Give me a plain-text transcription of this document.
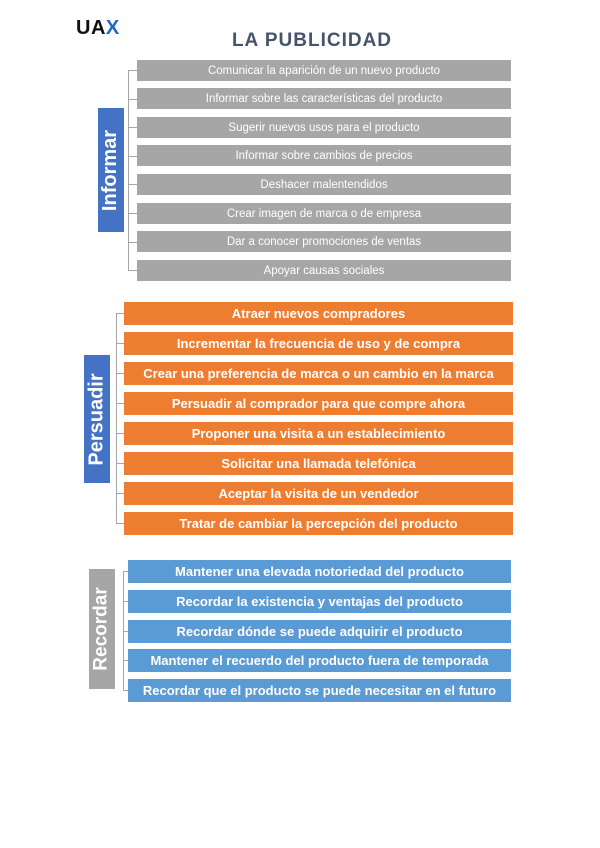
UAX
LA PUBLICIDAD
Informar
Comunicar la aparición de un nuevo producto
Informar sobre las características del producto
Sugerir nuevos usos para el producto
Informar sobre cambios de precios
Deshacer malentendidos
Crear imagen de marca o de empresa
Dar a conocer promociones de ventas
Apoyar causas sociales
Persuadir
Atraer nuevos compradores
Incrementar la frecuencia de uso y de compra
Crear una preferencia de marca o un cambio en la marca
Persuadir al comprador para que compre ahora
Proponer una visita a un establecimiento
Solicitar una llamada telefónica
Aceptar la visita de un vendedor
Tratar de cambiar la percepción del producto
Recordar
Mantener una elevada notoriedad del producto
Recordar la existencia y ventajas del producto
Recordar dónde se puede adquirir el producto
Mantener el recuerdo del producto fuera de temporada
Recordar que el producto se puede necesitar en el futuro
